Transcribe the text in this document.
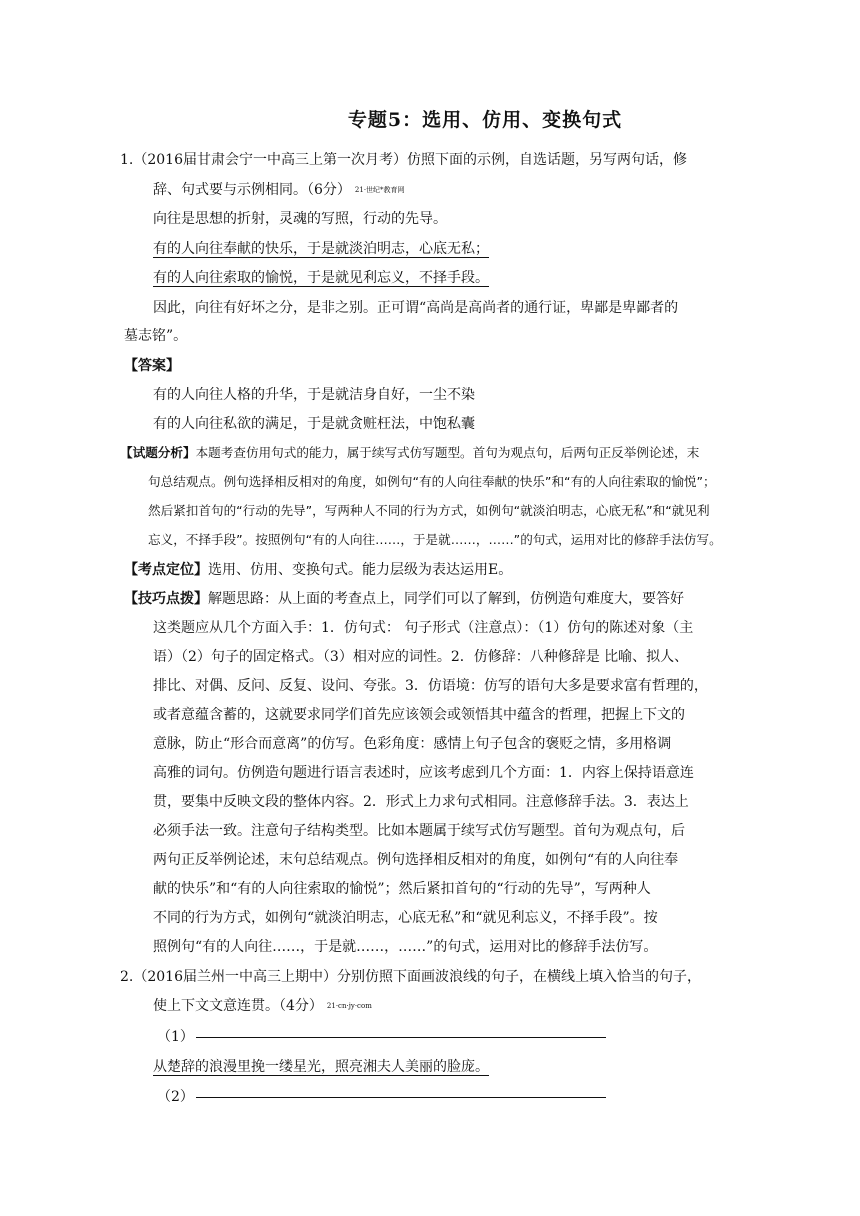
专题5：选用、仿用、变换句式
1.（2016届甘肃会宁一中高三上第一次月考）仿照下面的示例，自选话题，另写两句话，修
辞、句式要与示例相同。（6分） 21·世纪*教育网
向往是思想的折射，灵魂的写照，行动的先导。
有的人向往奉献的快乐，于是就淡泊明志，心底无私；
有的人向往索取的愉悦，于是就见利忘义，不择手段。
因此，向往有好坏之分，是非之别。正可谓“高尚是高尚者的通行证，卑鄙是卑鄙者的
墓志铭”。
【答案】
有的人向往人格的升华，于是就洁身自好，一尘不染
有的人向往私欲的满足，于是就贪赃枉法，中饱私囊
【试题分析】本题考查仿用句式的能力，属于续写式仿写题型。首句为观点句，后两句正反举例论述，末
句总结观点。例句选择相反相对的角度，如例句“有的人向往奉献的快乐”和“有的人向往索取的愉悦”；
然后紧扣首句的“行动的先导”，写两种人不同的行为方式，如例句“就淡泊明志，心底无私”和“就见利
忘义，不择手段”。按照例句“有的人向往……，于是就……，……”的句式，运用对比的修辞手法仿写。
【考点定位】选用、仿用、变换句式。能力层级为表达运用E。
【技巧点拨】解题思路：从上面的考查点上，同学们可以了解到，仿例造句难度大，要答好
这类题应从几个方面入手：1．仿句式： 句子形式（注意点）：（1）仿句的陈述对象（主
语）（2）句子的固定格式。（3）相对应的词性。2．仿修辞：八种修辞是 比喻、拟人、
排比、对偶、反问、反复、设问、夸张。3．仿语境：仿写的语句大多是要求富有哲理的，
或者意蕴含蓄的，这就要求同学们首先应该领会或领悟其中蕴含的哲理，把握上下文的
意脉，防止“形合而意离”的仿写。色彩角度：感情上句子包含的褒贬之情，多用格调
高雅的词句。仿例造句题进行语言表述时，应该考虑到几个方面：1．内容上保持语意连
贯，要集中反映文段的整体内容。2．形式上力求句式相同。注意修辞手法。3．表达上
必须手法一致。注意句子结构类型。比如本题属于续写式仿写题型。首句为观点句，后
两句正反举例论述，末句总结观点。例句选择相反相对的角度，如例句“有的人向往奉
献的快乐”和“有的人向往索取的愉悦”；然后紧扣首句的“行动的先导”，写两种人
不同的行为方式，如例句“就淡泊明志，心底无私”和“就见利忘义，不择手段”。按
照例句“有的人向往……，于是就……，……”的句式，运用对比的修辞手法仿写。
2.（2016届兰州一中高三上期中）分别仿照下面画波浪线的句子，在横线上填入恰当的句子，
使上下文文意连贯。（4分） 21·cn·jy·com
（1）
从楚辞的浪漫里挽一缕星光，照亮湘夫人美丽的脸庞。
（2）
